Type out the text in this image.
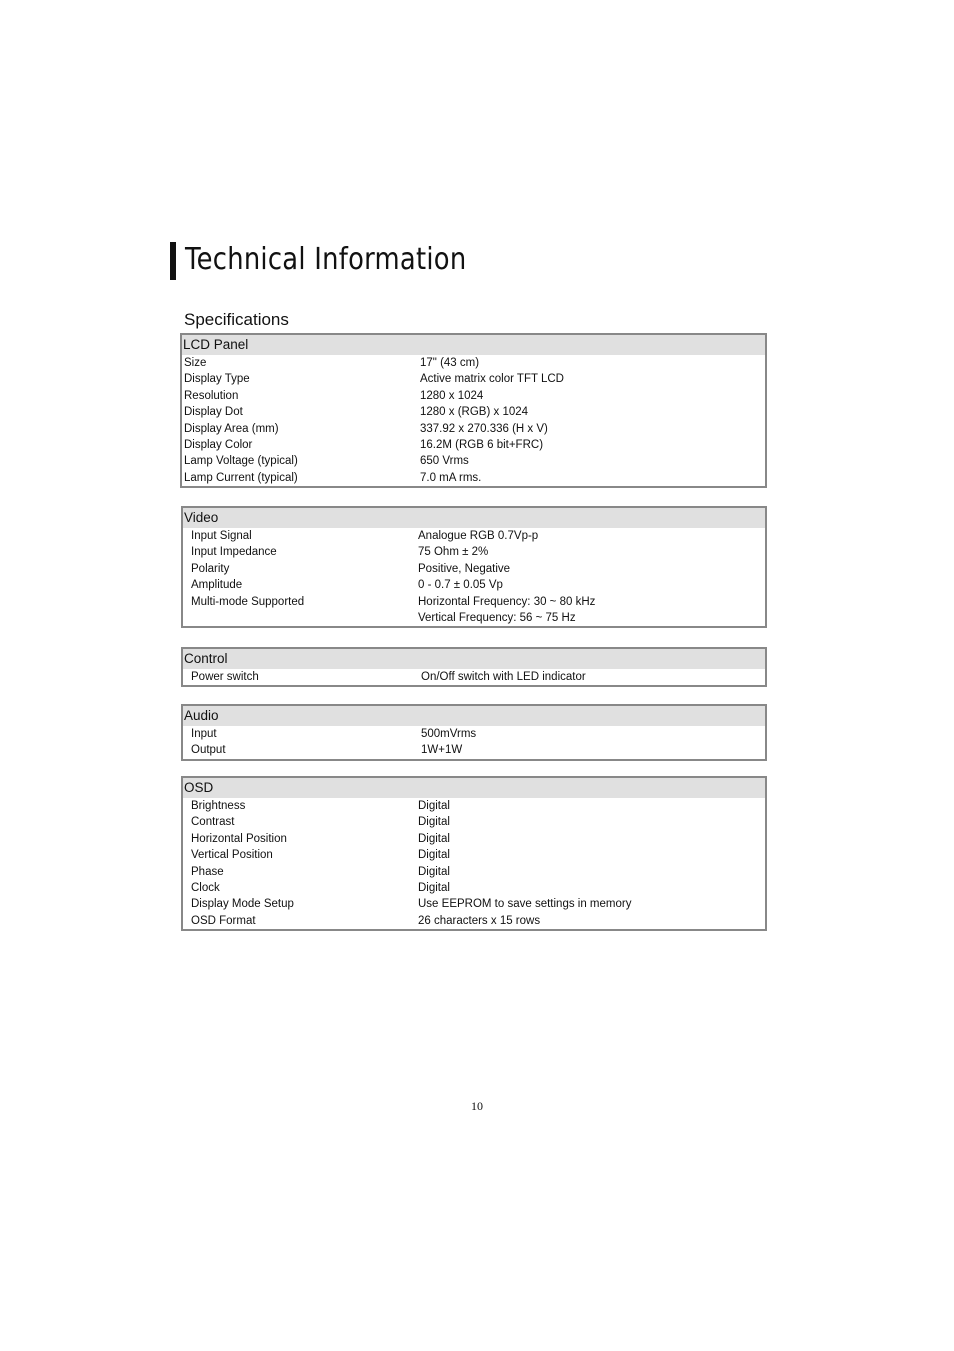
Technical Information
Specifications
LCD Panel
Size	17" (43 cm)
Display Type	Active matrix color TFT LCD
Resolution	1280 x 1024
Display Dot	1280 x (RGB) x 1024
Display Area (mm)	337.92 x 270.336 (H x V)
Display Color	16.2M (RGB 6 bit+FRC)
Lamp Voltage (typical)	650 Vrms
Lamp Current (typical)	7.0 mA rms.
Video
Input Signal	Analogue RGB 0.7Vp-p
Input Impedance	75 Ohm ± 2%
Polarity	Positive, Negative
Amplitude	0 - 0.7 ± 0.05 Vp
Multi-mode Supported	Horizontal Frequency: 30 ~ 80 kHz
Vertical Frequency: 56 ~ 75 Hz
Control
Power switch	On/Off switch with LED indicator
Audio
Input	500mVrms
Output	1W+1W
OSD
Brightness	Digital
Contrast	Digital
Horizontal Position	Digital
Vertical Position	Digital
Phase	Digital
Clock	Digital
Display Mode Setup	Use EEPROM to save settings in memory
OSD Format	26 characters x 15 rows
10
